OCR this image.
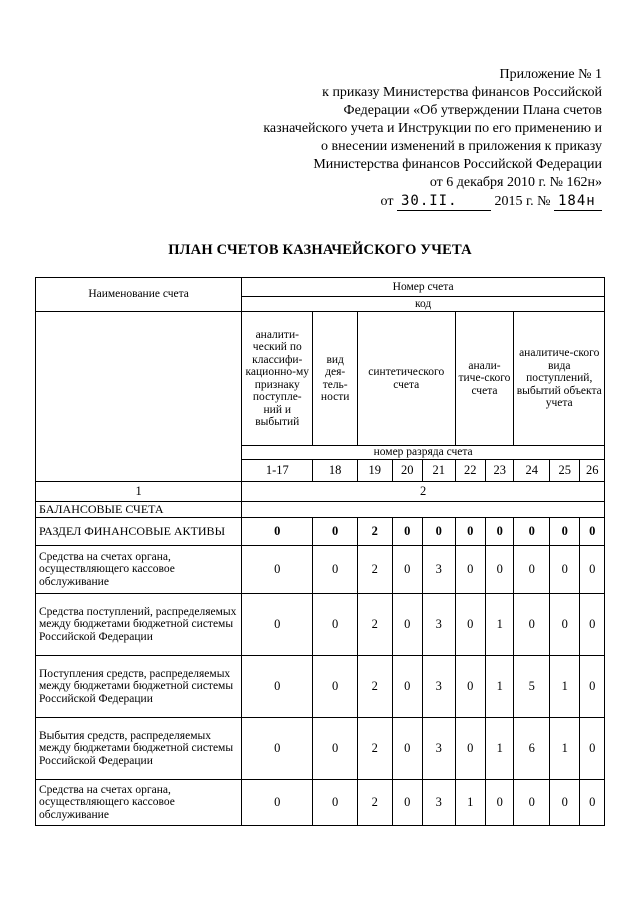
Приложение № 1
к приказу Министерства финансов Российской
Федерации «Об утверждении Плана счетов
казначейского учета и Инструкции по его применению и
о внесении изменений в приложения к приказу
Министерства финансов Российской Федерации
от 6 декабря 2010 г. № 162н»
от 30.II.	2015 г. № 184н
ПЛАН СЧЕТОВ КАЗНАЧЕЙСКОГО УЧЕТА
Наименование счета	Номер счета									
	код									
	аналити-ческий по классифи-кационно-му признаку поступле-ний и выбытий	вид дея-тель-ности	синтетического счета			анали-тиче-ского счета		аналитиче-ского вида поступлений, выбытий объекта учета		
	номер разряда счета									
	1-17	18	19	20	21	22	23	24	25	26
1	2									
БАЛАНСОВЫЕ СЧЕТА										
РАЗДЕЛ ФИНАНСОВЫЕ АКТИВЫ	0	0	2	0	0	0	0	0	0	0
Средства на счетах органа, осуществляющего кассовое обслуживание	0	0	2	0	3	0	0	0	0	0
Средства поступлений, распределяемых между бюджетами бюджетной системы Российской Федерации	0	0	2	0	3	0	1	0	0	0
Поступления средств, распределяемых между бюджетами бюджетной системы Российской Федерации	0	0	2	0	3	0	1	5	1	0
Выбытия средств, распределяемых между бюджетами бюджетной системы Российской Федерации	0	0	2	0	3	0	1	6	1	0
Средства на счетах органа, осуществляющего кассовое обслуживание	0	0	2	0	3	1	0	0	0	0
